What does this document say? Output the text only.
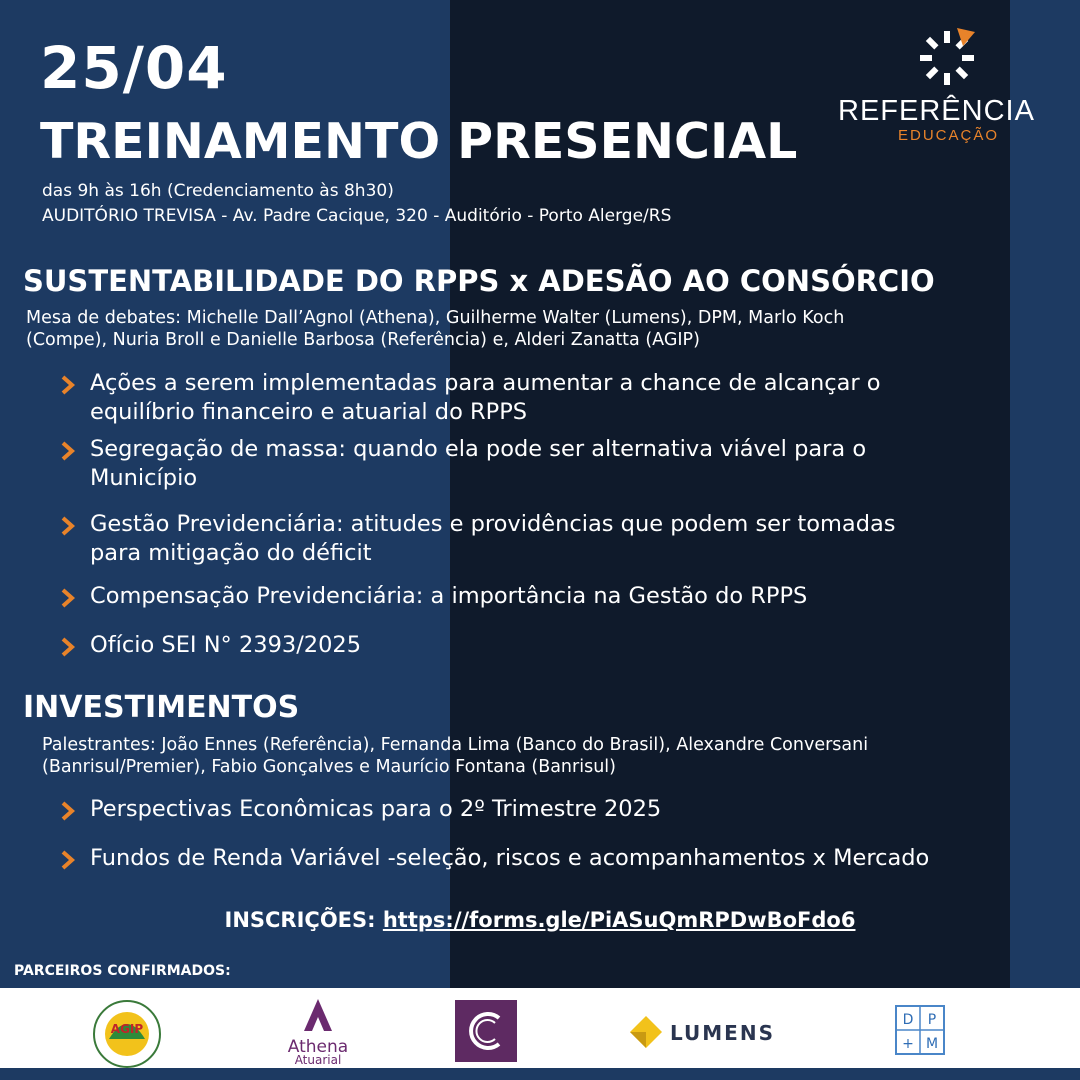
25/04
TREINAMENTO PRESENCIAL
das 9h às 16h (Credenciamento às 8h30)
AUDITÓRIO TREVISA - Av. Padre Cacique, 320 - Auditório - Porto Alerge/RS
REFERÊNCIA
EDUCAÇÃO
SUSTENTABILIDADE DO RPPS x ADESÃO AO CONSÓRCIO
Mesa de debates: Michelle Dall’Agnol (Athena), Guilherme Walter (Lumens), DPM, Marlo Koch
(Compe), Nuria Broll e Danielle Barbosa (Referência) e, Alderi Zanatta (AGIP)
Ações a serem implementadas para aumentar a chance de alcançar o
equilíbrio financeiro e atuarial do RPPS
Segregação de massa: quando ela pode ser alternativa viável para o
Município
Gestão Previdenciária: atitudes e providências que podem ser tomadas
para mitigação do déficit
Compensação Previdenciária: a importância na Gestão do RPPS
Ofício SEI N° 2393/2025
INVESTIMENTOS
Palestrantes: João Ennes (Referência), Fernanda Lima (Banco do Brasil), Alexandre Conversani
(Banrisul/Premier), Fabio Gonçalves e Maurício Fontana (Banrisul)
Perspectivas Econômicas para o 2º Trimestre 2025
Fundos de Renda Variável -seleção, riscos e acompanhamentos x Mercado
INSCRIÇÕES: https://forms.gle/PiASuQmRPDwBoFdo6
PARCEIROS CONFIRMADOS:
AGIP
Athena
Atuarial
LUMENS
D P
M
+
